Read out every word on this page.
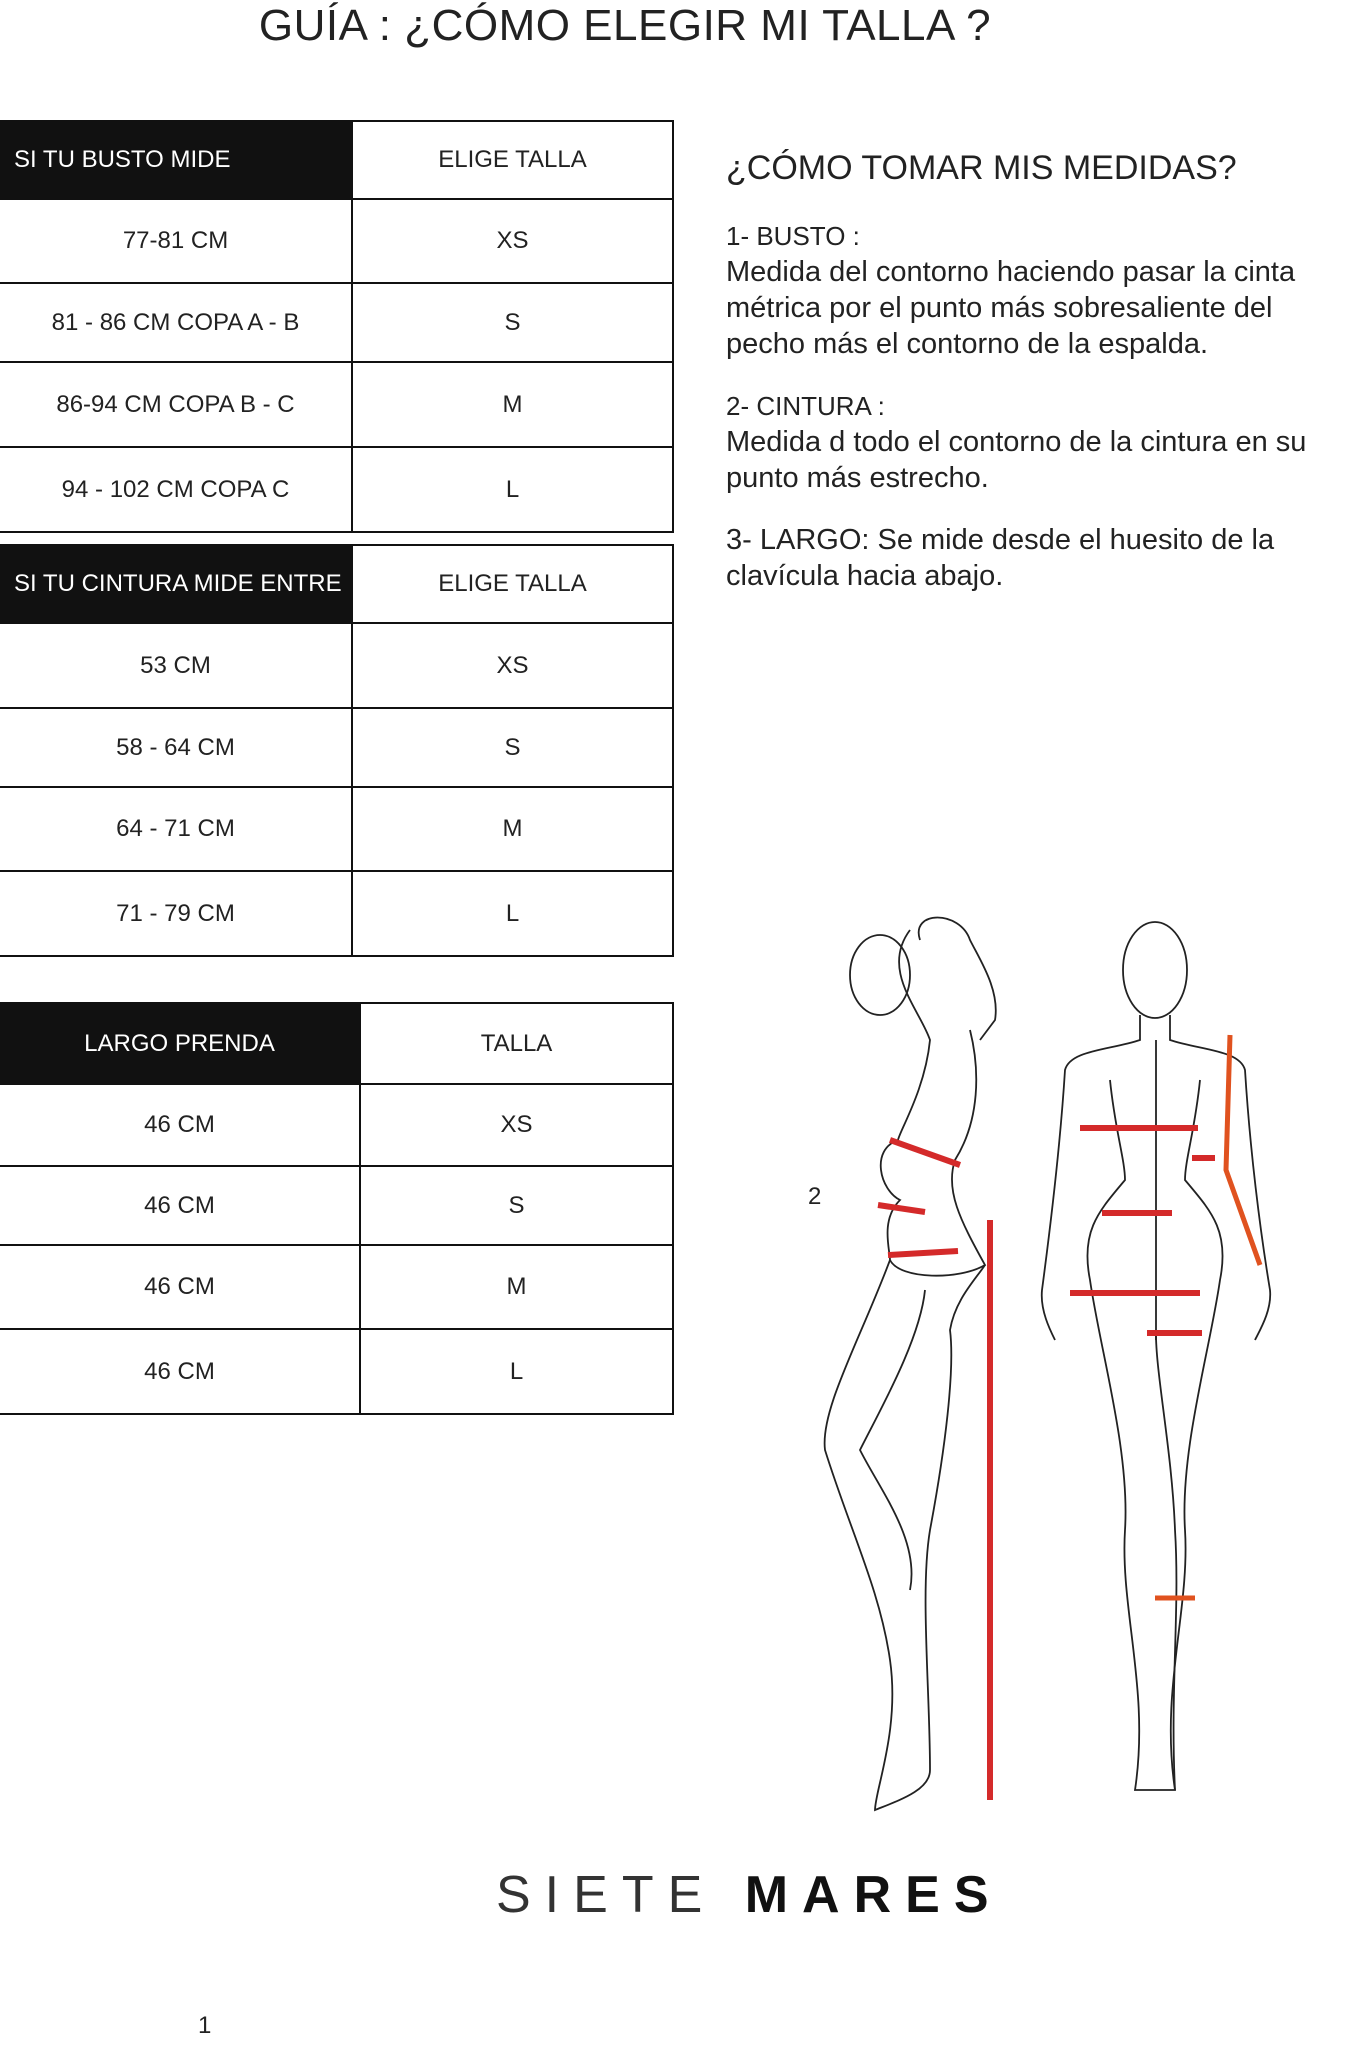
GUÍA : ¿CÓMO ELEGIR MI TALLA ?
SI TU BUSTO MIDE	ELIGE TALLA
77-81 CM	XS
81 - 86 CM COPA A - B	S
86-94 CM COPA B - C	M
94 - 102 CM COPA C	L
SI TU CINTURA MIDE ENTRE	ELIGE TALLA
53 CM	XS
58 - 64 CM	S
64 - 71 CM	M
71 - 79 CM	L
LARGO PRENDA	TALLA
46 CM	XS
46 CM	S
46 CM	M
46 CM	L
¿CÓMO TOMAR MIS MEDIDAS?

1- BUSTO :
Medida del contorno haciendo pasar la cinta métrica por el punto más sobresaliente del pecho más el contorno de la espalda.

2- CINTURA :
Medida d todo el contorno de la cintura en su punto más estrecho.

3- LARGO: Se mide desde el huesito de la clavícula hacia abajo.

2
SIETE MARES
1
